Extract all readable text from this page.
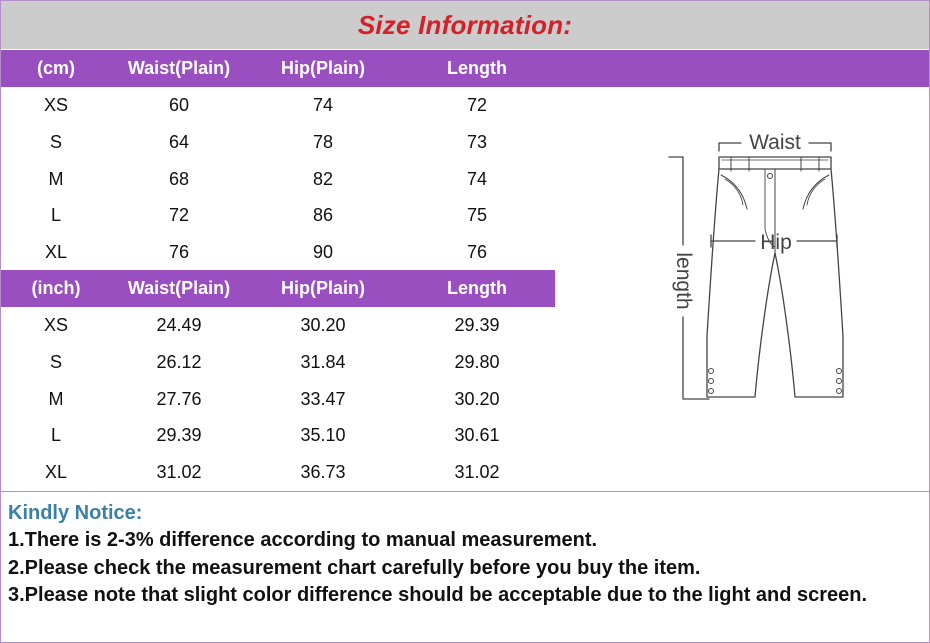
Size Information:
(cm)	Waist(Plain)	Hip(Plain)	Length
XS	60	74	72
S	64	78	73
M	68	82	74
L	72	86	75
XL	76	90	76
(inch)	Waist(Plain)	Hip(Plain)	Length
XS	24.49	30.20	29.39
S	26.12	31.84	29.80
M	27.76	33.47	30.20
L	29.39	35.10	30.61
XL	31.02	36.73	31.02
Waist
Hip
length
Kindly Notice:
1.There is 2-3% difference according to manual measurement.
2.Please check the measurement chart carefully before you buy the item.
3.Please note that slight color difference should be acceptable due to the light and screen.
